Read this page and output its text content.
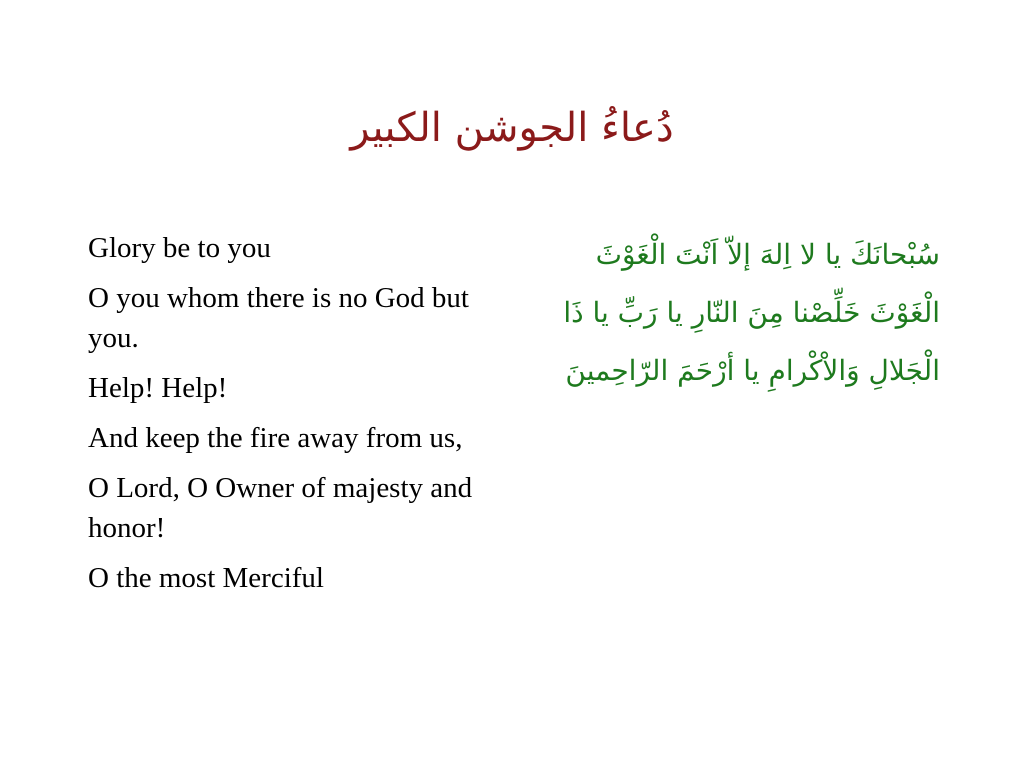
دُعاءُ الجوشن الكبير
Glory be to you
O you whom there is no God but you.
Help! Help!
And keep the fire away from us,
O Lord, O Owner of majesty and honor!
O the most Merciful

سُبْحانَكَ يا لا اِلهَ إلاّ اَنْتَ الْغَوْثَ الْغَوْثَ خَلِّصْنا مِنَ النّارِ يا رَبِّ يا ذَا الْجَلالِ وَالاْكْرامِ يا أرْحَمَ الرّاحِمينَ
